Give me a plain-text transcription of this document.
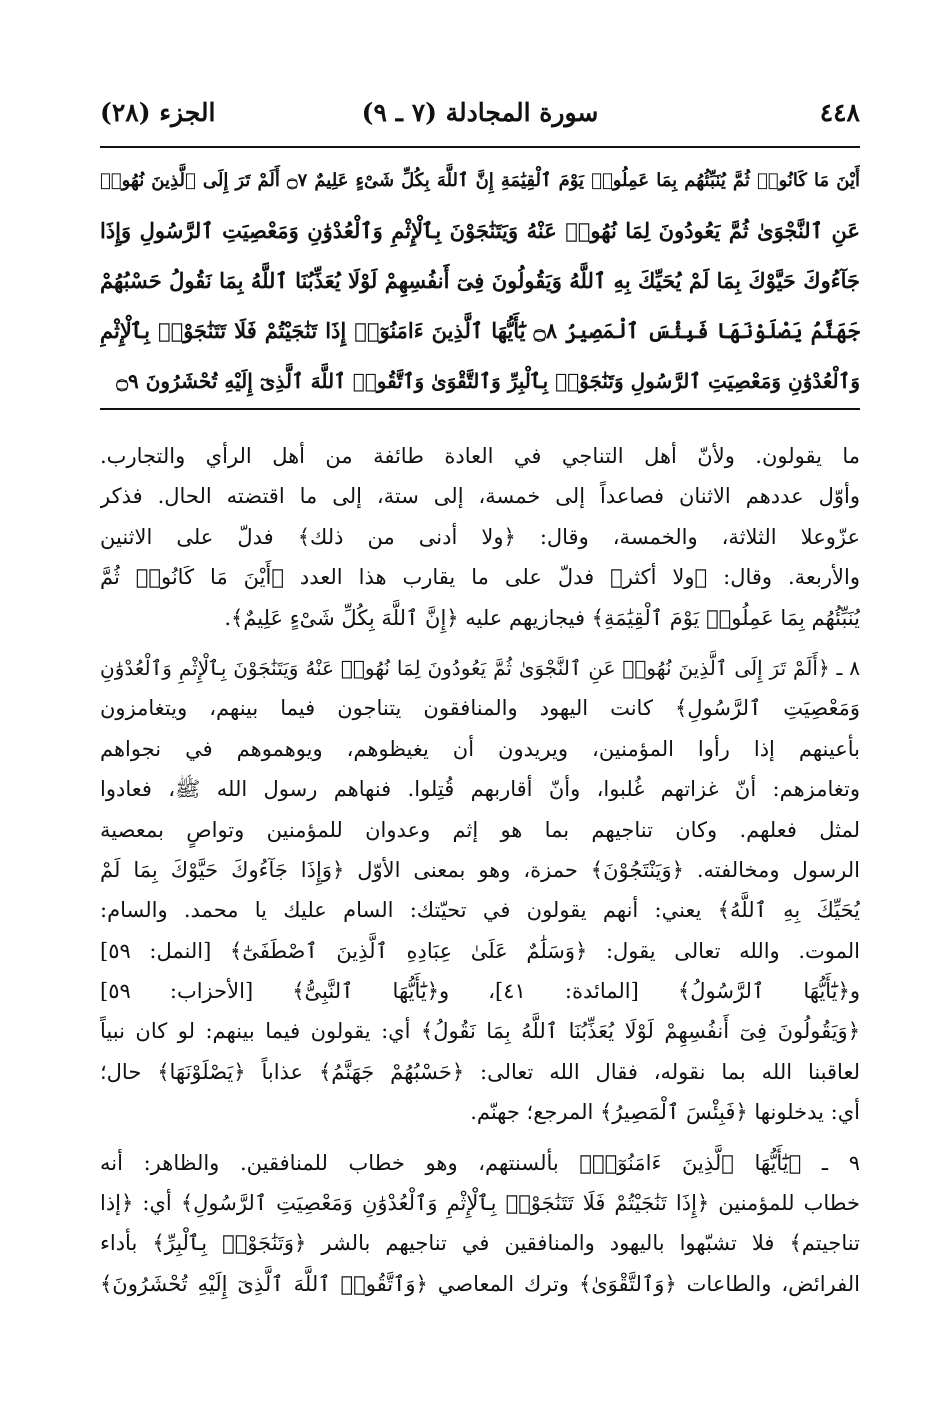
٤٤٨
سورة المجادلة (٧ ـ ٩)
الجزء (٢٨)
أَيْنَ مَا كَانُوا۟ ثُمَّ يُنَبِّئُهُم بِمَا عَمِلُوا۟ يَوْمَ ٱلْقِيَٰمَةِ إِنَّ ٱللَّهَ بِكُلِّ شَىْءٍ عَلِيمٌ ۝٧ أَلَمْ تَرَ إِلَى ٱلَّذِينَ نُهُوا۟
عَنِ ٱلنَّجْوَىٰ ثُمَّ يَعُودُونَ لِمَا نُهُوا۟ عَنْهُ وَيَتَنَٰجَوْنَ بِٱلْإِثْمِ وَٱلْعُدْوَٰنِ وَمَعْصِيَتِ ٱلرَّسُولِ وَإِذَا
جَآءُوكَ حَيَّوْكَ بِمَا لَمْ يُحَيِّكَ بِهِ ٱللَّهُ وَيَقُولُونَ فِىٓ أَنفُسِهِمْ لَوْلَا يُعَذِّبُنَا ٱللَّهُ بِمَا نَقُولُ حَسْبُهُمْ
جَهَنَّمُ يَصْلَوْنَهَا فَبِئْسَ ٱلْمَصِيرُ ۝٨ يَٰٓأَيُّهَا ٱلَّذِينَ ءَامَنُوٓا۟ إِذَا تَنَٰجَيْتُمْ فَلَا تَتَنَٰجَوْا۟ بِٱلْإِثْمِ
وَٱلْعُدْوَٰنِ وَمَعْصِيَتِ ٱلرَّسُولِ وَتَنَٰجَوْا۟ بِٱلْبِرِّ وَٱلتَّقْوَىٰ وَٱتَّقُوا۟ ٱللَّهَ ٱلَّذِىٓ إِلَيْهِ تُحْشَرُونَ ۝٩
ما يقولون. ولأنّ أهل التناجي في العادة طائفة من أهل الرأي والتجارب.
وأوّل عددهم الاثنان فصاعداً إلى خمسة، إلى ستة، إلى ما اقتضته الحال. فذكر
عزّوعلا الثلاثة، والخمسة، وقال: ﴿ولا أدنى من ذلك﴾ فدلّ على الاثنين
والأربعة. وقال: ﴿ولا أكثر﴾ فدلّ على ما يقارب هذا العدد ﴿أَيْنَ مَا كَانُوا۟ ثُمَّ
يُنَبِّئُهُم بِمَا عَمِلُوا۟ يَوْمَ ٱلْقِيَٰمَةِ﴾ فيجازيهم عليه ﴿إِنَّ ٱللَّهَ بِكُلِّ شَىْءٍ عَلِيمٌ﴾.
٨ ـ ﴿أَلَمْ تَرَ إِلَى ٱلَّذِينَ نُهُوا۟ عَنِ ٱلنَّجْوَىٰ ثُمَّ يَعُودُونَ لِمَا نُهُوا۟ عَنْهُ وَيَتَنَٰجَوْنَ بِٱلْإِثْمِ وَٱلْعُدْوَٰنِ
وَمَعْصِيَتِ ٱلرَّسُولِ﴾ كانت اليهود والمنافقون يتناجون فيما بينهم، ويتغامزون
بأعينهم إذا رأوا المؤمنين، ويريدون أن يغيظوهم، ويوهموهم في نجواهم
وتغامزهم: أنّ غزاتهم غُلبوا، وأنّ أقاربهم قُتِلوا. فنهاهم رسول الله ﷺ، فعادوا
لمثل فعلهم. وكان تناجيهم بما هو إثم وعدوان للمؤمنين وتواصٍ بمعصية
الرسول ومخالفته. ﴿وَيَنْتَجُوْنَ﴾ حمزة، وهو بمعنى الأوّل ﴿وَإِذَا جَآءُوكَ حَيَّوْكَ بِمَا لَمْ
يُحَيِّكَ بِهِ ٱللَّهُ﴾ يعني: أنهم يقولون في تحيّتك: السام عليك يا محمد. والسام:
الموت. والله تعالى يقول: ﴿وَسَلَٰمٌ عَلَىٰ عِبَادِهِ ٱلَّذِينَ ٱصْطَفَىٰٓ﴾ [النمل: ٥٩]
و﴿يَٰٓأَيُّهَا ٱلرَّسُولُ﴾ [المائدة: ٤١]، و﴿يَٰٓأَيُّهَا ٱلنَّبِىُّ﴾ [الأحزاب: ٥٩]
﴿وَيَقُولُونَ فِىٓ أَنفُسِهِمْ لَوْلَا يُعَذِّبُنَا ٱللَّهُ بِمَا نَقُولُ﴾ أي: يقولون فيما بينهم: لو كان نبياً
لعاقبنا الله بما نقوله، فقال الله تعالى: ﴿حَسْبُهُمْ جَهَنَّمُ﴾ عذاباً ﴿يَصْلَوْنَهَا﴾ حال؛
أي: يدخلونها ﴿فَبِئْسَ ٱلْمَصِيرُ﴾ المرجع؛ جهنّم.
٩ ـ ﴿يَٰٓأَيُّهَا ٱلَّذِينَ ءَامَنُوٓا۟﴾ بألسنتهم، وهو خطاب للمنافقين. والظاهر: أنه
خطاب للمؤمنين ﴿إِذَا تَنَٰجَيْتُمْ فَلَا تَتَنَٰجَوْا۟ بِٱلْإِثْمِ وَٱلْعُدْوَٰنِ وَمَعْصِيَتِ ٱلرَّسُولِ﴾ أي: ﴿إذا
تناجيتم﴾ فلا تشبّهوا باليهود والمنافقين في تناجيهم بالشر ﴿وَتَنَٰجَوْا۟ بِٱلْبِرِّ﴾ بأداء
الفرائض، والطاعات ﴿وَٱلتَّقْوَىٰ﴾ وترك المعاصي ﴿وَٱتَّقُوا۟ ٱللَّهَ ٱلَّذِىٓ إِلَيْهِ تُحْشَرُونَ﴾
